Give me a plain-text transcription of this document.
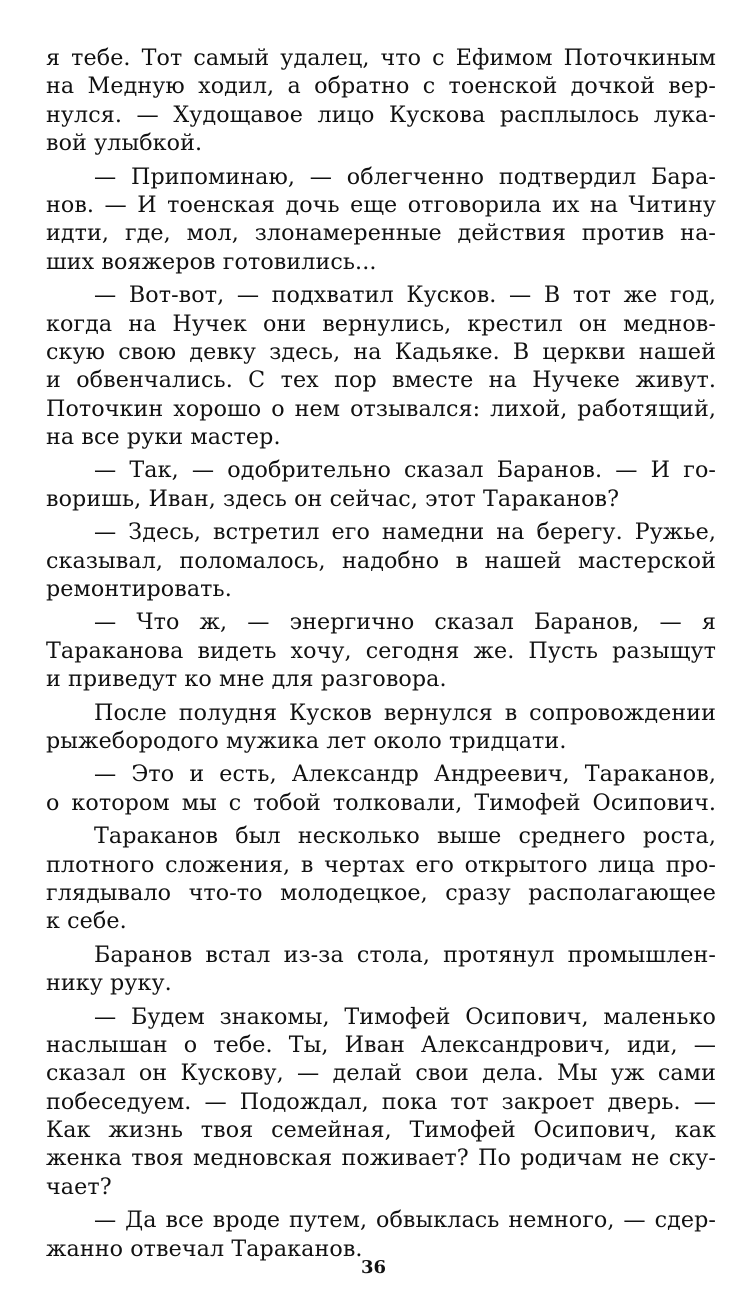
я тебе. Тот самый удалец, что с Ефимом Поточкиным
на Медную ходил, а обратно с тоенской дочкой вер-
нулся. — Худощавое лицо Кускова расплылось лука-
вой улыбкой.

— Припоминаю, — облегченно подтвердил Бара-
нов. — И тоенская дочь еще отговорила их на Читину
идти, где, мол, злонамеренные действия против на-
ших вояжеров готовились...

— Вот-вот, — подхватил Кусков. — В тот же год,
когда на Нучек они вернулись, крестил он меднов-
скую свою девку здесь, на Кадьяке. В церкви нашей
и обвенчались. С тех пор вместе на Нучеке живут.
Поточкин хорошо о нем отзывался: лихой, работящий,
на все руки мастер.

— Так, — одобрительно сказал Баранов. — И го-
воришь, Иван, здесь он сейчас, этот Тараканов?

— Здесь, встретил его намедни на берегу. Ружье,
сказывал, поломалось, надобно в нашей мастерской
ремонтировать.

— Что ж, — энергично сказал Баранов, — я
Тараканова видеть хочу, сегодня же. Пусть разыщут
и приведут ко мне для разговора.

После полудня Кусков вернулся в сопровождении
рыжебородого мужика лет около тридцати.

— Это и есть, Александр Андреевич, Тараканов,
о котором мы с тобой толковали, Тимофей Осипович.

Тараканов был несколько выше среднего роста,
плотного сложения, в чертах его открытого лица про-
глядывало что-то молодецкое, сразу располагающее
к себе.

Баранов встал из-за стола, протянул промышлен-
нику руку.

— Будем знакомы, Тимофей Осипович, маленько
наслышан о тебе. Ты, Иван Александрович, иди, —
сказал он Кускову, — делай свои дела. Мы уж сами
побеседуем. — Подождал, пока тот закроет дверь. —
Как жизнь твоя семейная, Тимофей Осипович, как
женка твоя медновская поживает? По родичам не ску-
чает?

— Да все вроде путем, обвыклась немного, — сдер-
жанно отвечал Тараканов.

36
